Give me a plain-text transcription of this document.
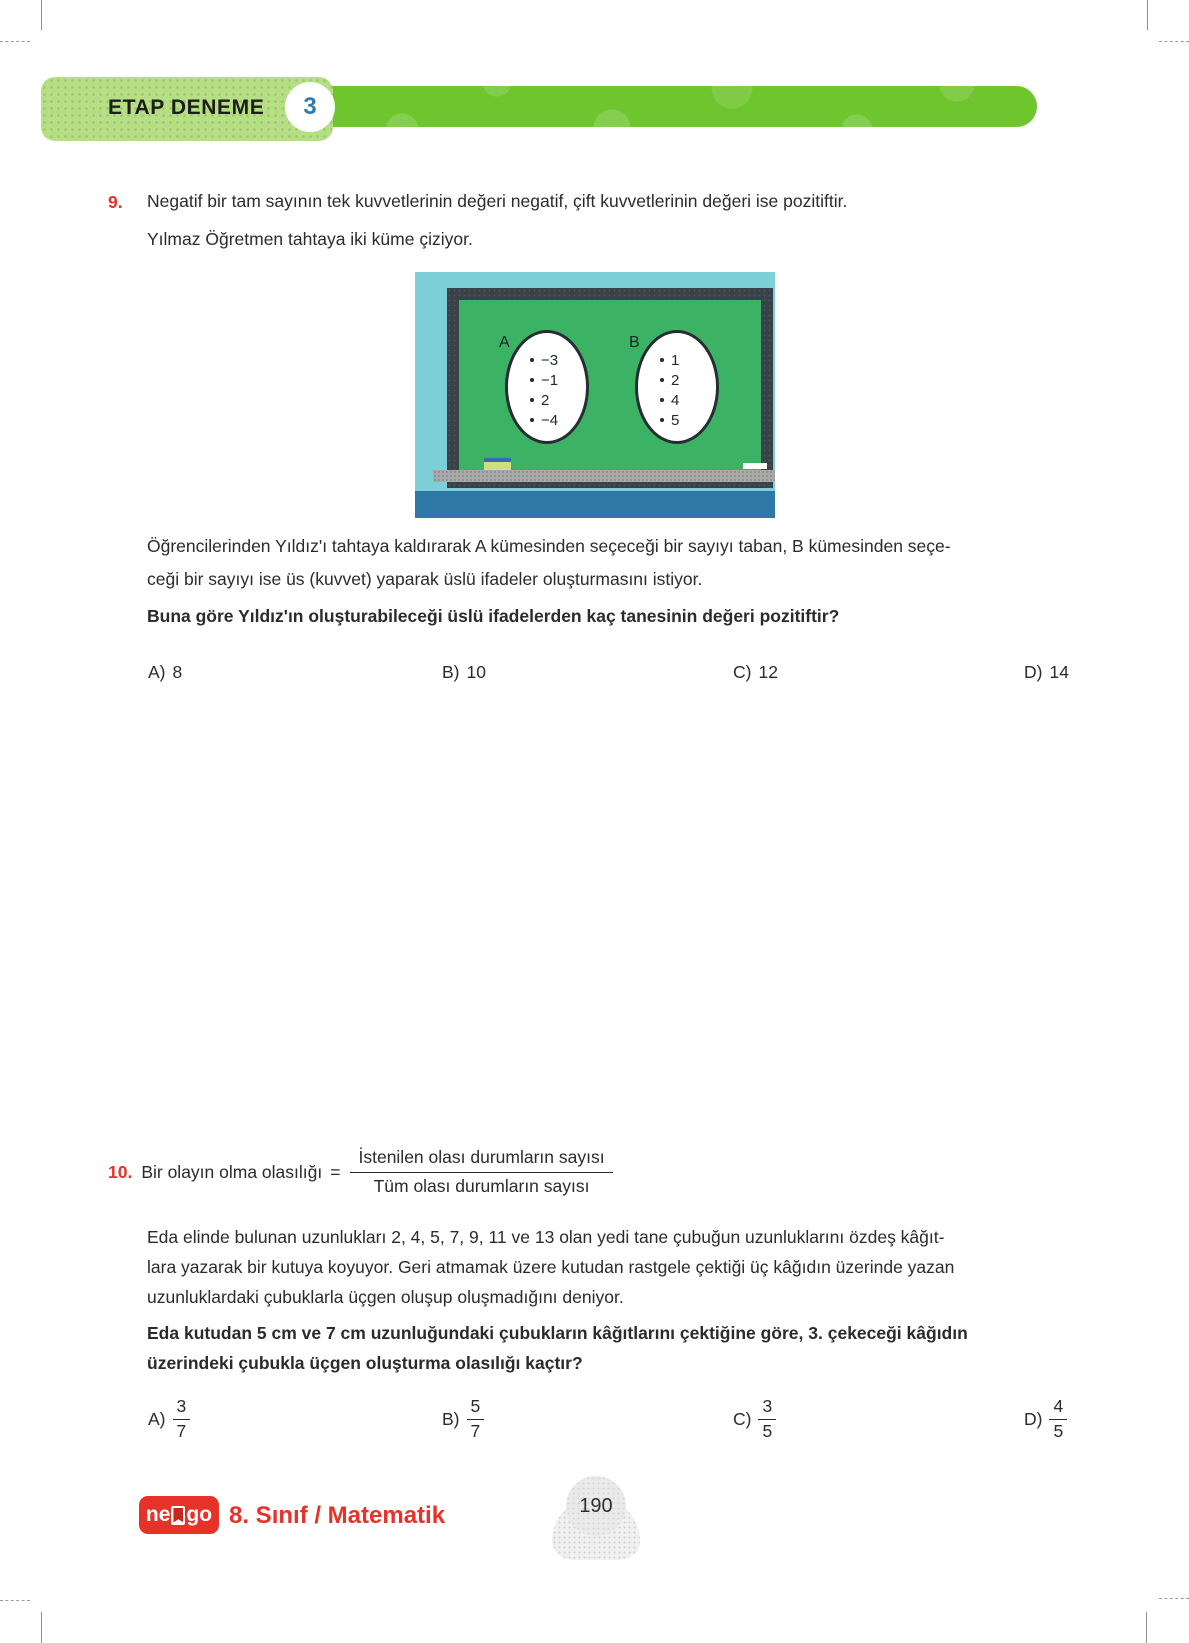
ETAP DENEME	3
9. Negatif bir tam sayının tek kuvvetlerinin değeri negatif, çift kuvvetlerinin değeri ise pozitiftir.
Yılmaz Öğretmen tahtaya iki küme çiziyor.
A	B
−3
−1
2
−4
1
2
4
5
Öğrencilerinden Yıldız'ı tahtaya kaldırarak A kümesinden seçeceği bir sayıyı taban, B kümesinden seçe-
ceği bir sayıyı ise üs (kuvvet) yaparak üslü ifadeler oluşturmasını istiyor.
Buna göre Yıldız'ın oluşturabileceği üslü ifadelerden kaç tanesinin değeri pozitiftir?
A) 8	B) 10	C) 12	D) 14
10. Bir olayın olma olasılığı = $\frac{\text{İstenilen olası durumların sayısı}}{\text{Tüm olası durumların sayısı}}$
Eda elinde bulunan uzunlukları 2, 4, 5, 7, 9, 11 ve 13 olan yedi tane çubuğun uzunluklarını özdeş kâğıt-
lara yazarak bir kutuya koyuyor. Geri atmamak üzere kutudan rastgele çektiği üç kâğıdın üzerinde yazan
uzunluklardaki çubuklarla üçgen oluşup oluşmadığını deniyor.
Eda kutudan 5 cm ve 7 cm uzunluğundaki çubukların kâğıtlarını çektiğine göre, 3. çekeceği kâğıdın
üzerindeki çubukla üçgen oluşturma olasılığı kaçtır?
$A) \frac{3}{7}$	$B) \frac{5}{7}$	$C) \frac{3}{5}$	$D) \frac{4}{5}$
ne go 8. Sınıf / Matematik	190
